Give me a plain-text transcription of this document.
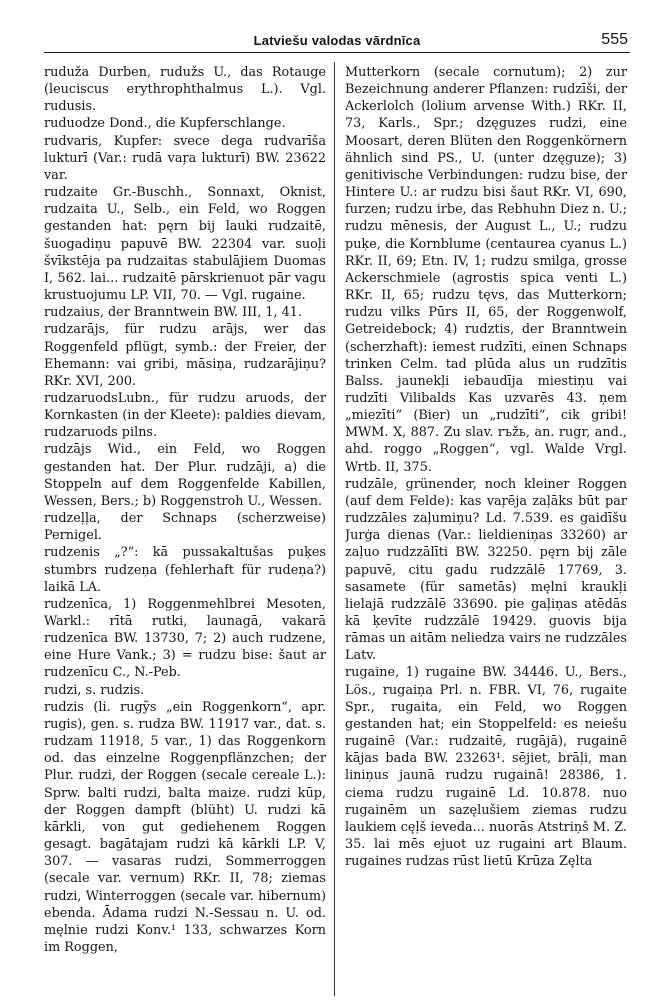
Latviešu valodas vārdnīca	555

ruduža Durben, rudužs U., das Rotauge (leuciscus erythrophthalmus L.). Vgl. rudusis.

ruduodze Dond., die Kupferschlange.

rudvaris, Kupfer: svece dega rudvarīša lukturī (Var.: rudā vaŗa lukturī) BW. 23622 var.

rudzaite Gr.-Buschh., Sonnaxt, Oknist, rudzaita U., Selb., ein Feld, wo Roggen gestanden hat: pęrn bij lauki rudzaitē, šuogadiņu papuvē BW. 22304 var. suoļi švīkstēja pa rudzaitas stabulājiem Duomas I, 562. lai... rudzaitē pārskrienuot pār vagu krustuojumu LP. VII, 70. — Vgl. rugaine.

rudzaius, der Branntwein BW. III, 1, 41.

rudzarājs, für rudzu arājs, wer das Roggenfeld pflügt, symb.: der Freier, der Ehemann: vai gribi, māsiņa, rudzarājiņu? RKr. XVI, 200.

rudzaruodsLubn., für rudzu aruods, der Kornkasten (in der Kleete): paldies dievam, rudzaruods pilns.

rudzājs Wid., ein Feld, wo Roggen gestanden hat. Der Plur. rudzāji, a) die Stoppeln auf dem Roggenfelde Kabillen, Wessen, Bers.; b) Roggenstroh U., Wessen.

rudzeļļa, der Schnaps (scherzweise) Pernigel.

rudzenis „?“: kā pussakaltušas puķes stumbrs rudzeņa (fehlerhaft für rudeņa?) laikā LA.

rudzenīca, 1) Roggenmehlbrei Mesoten, Warkl.: rītā rutki, launagā, vakarā rudzenīca BW. 13730, 7; 2) auch rudzene, eine Hure Vank.; 3) = rudzu bise: šaut ar rudzenīcu C., N.-Peb.

rudzi, s. rudzis.

rudzis (li. rugỹs „ein Roggenkorn“, apr. rugis), gen. s. rudza BW. 11917 var., dat. s. rudzam 11918, 5 var., 1) das Roggenkorn od. das einzelne Roggenpflänzchen; der Plur. rudzi, der Roggen (secale cereale L.): Sprw. balti rudzi, balta maize. rudzi kūp, der Roggen dampft (blüht) U. rudzi kā kārkli, von gut gediehenem Roggen gesagt. bagātajam rudzi kā kārkli LP. V, 307. — vasaras rudzi, Sommerroggen (secale var. vernum) RKr. II, 78; ziemas rudzi, Winterroggen (secale var. hibernum) ebenda. Ādama rudzi N.-Sessau n. U. od. męlnie rudzi Konv.¹ 133, schwarzes Korn im Roggen,

Mutterkorn (secale cornutum); 2) zur Bezeichnung anderer Pflanzen: rudzīši, der Ackerlolch (lolium arvense With.) RKr. II, 73, Karls., Spr.; dzęguzes rudzi, eine Moosart, deren Blüten den Roggenkörnern ähnlich sind PS., U. (unter dzęguze); 3) genitivische Verbindungen: rudzu bise, der Hintere U.: ar rudzu bisi šaut RKr. VI, 690, furzen; rudzu irbe, das Rebhuhn Diez n. U.; rudzu mēnesis, der August L., U.; rudzu puķe, die Kornblume (centaurea cyanus L.) RKr. II, 69; Etn. IV, 1; rudzu smilga, grosse Ackerschmiele (agrostis spica venti L.) RKr. II, 65; rudzu tęvs, das Mutterkorn; rudzu vilks Pūrs II, 65, der Roggenwolf, Getreidebock; 4) rudztis, der Branntwein (scherzhaft): iemest rudzīti, einen Schnaps trinken Celm. tad plūda alus un rudzītis Balss. jaunekļi iebaudīja miestiņu vai rudzīti Vilibalds Kas uzvarēs 43. ņem „miezīti“ (Bier) un „rudzīti“, cik gribi! MWM. X, 887. Zu slav. rъžь, an. rugr, and., ahd. roggo „Roggen“, vgl. Walde Vrgl. Wrtb. II, 375.

rudzāle, grünender, noch kleiner Roggen (auf dem Felde): kas vaŗēja zaļāks būt par rudzzāles zaļumiņu? Ld. 7.539. es gaidīšu Jurģa dienas (Var.: lieldieniņas 33260) ar zaļuo rudzzālīti BW. 32250. pęrn bij zāle papuvē, citu gadu rudzzālē 17769, 3. sasamete (für sametās) męlni kraukļi lielajā rudzzālē 33690. pie gaļiņas atēdās kā ķevīte rudzzālē 19429. guovis bija rāmas un aitām neliedza vairs ne rudzzāles Latv.

rugaine, 1) rugaine BW. 34446. U., Bers., Lös., rugaiņa Prl. n. FBR. VI, 76, rugaite Spr., rugaita, ein Feld, wo Roggen gestanden hat; ein Stoppelfeld: es neiešu rugainē (Var.: rudzaitē, rugājā), rugainē kājas bada BW. 23263¹. sējiet, brāļi, man liniņus jaunā rudzu rugainā! 28386, 1. ciema rudzu rugainē Ld. 10.878. nuo rugainēm un sazęlušiem ziemas rudzu laukiem cęļš ieveda... nuorās Atstriņš M. Z. 35. lai mēs ejuot uz rugaini art Blaum. rugaines rudzas rūst lietū Krūza Zęlta
